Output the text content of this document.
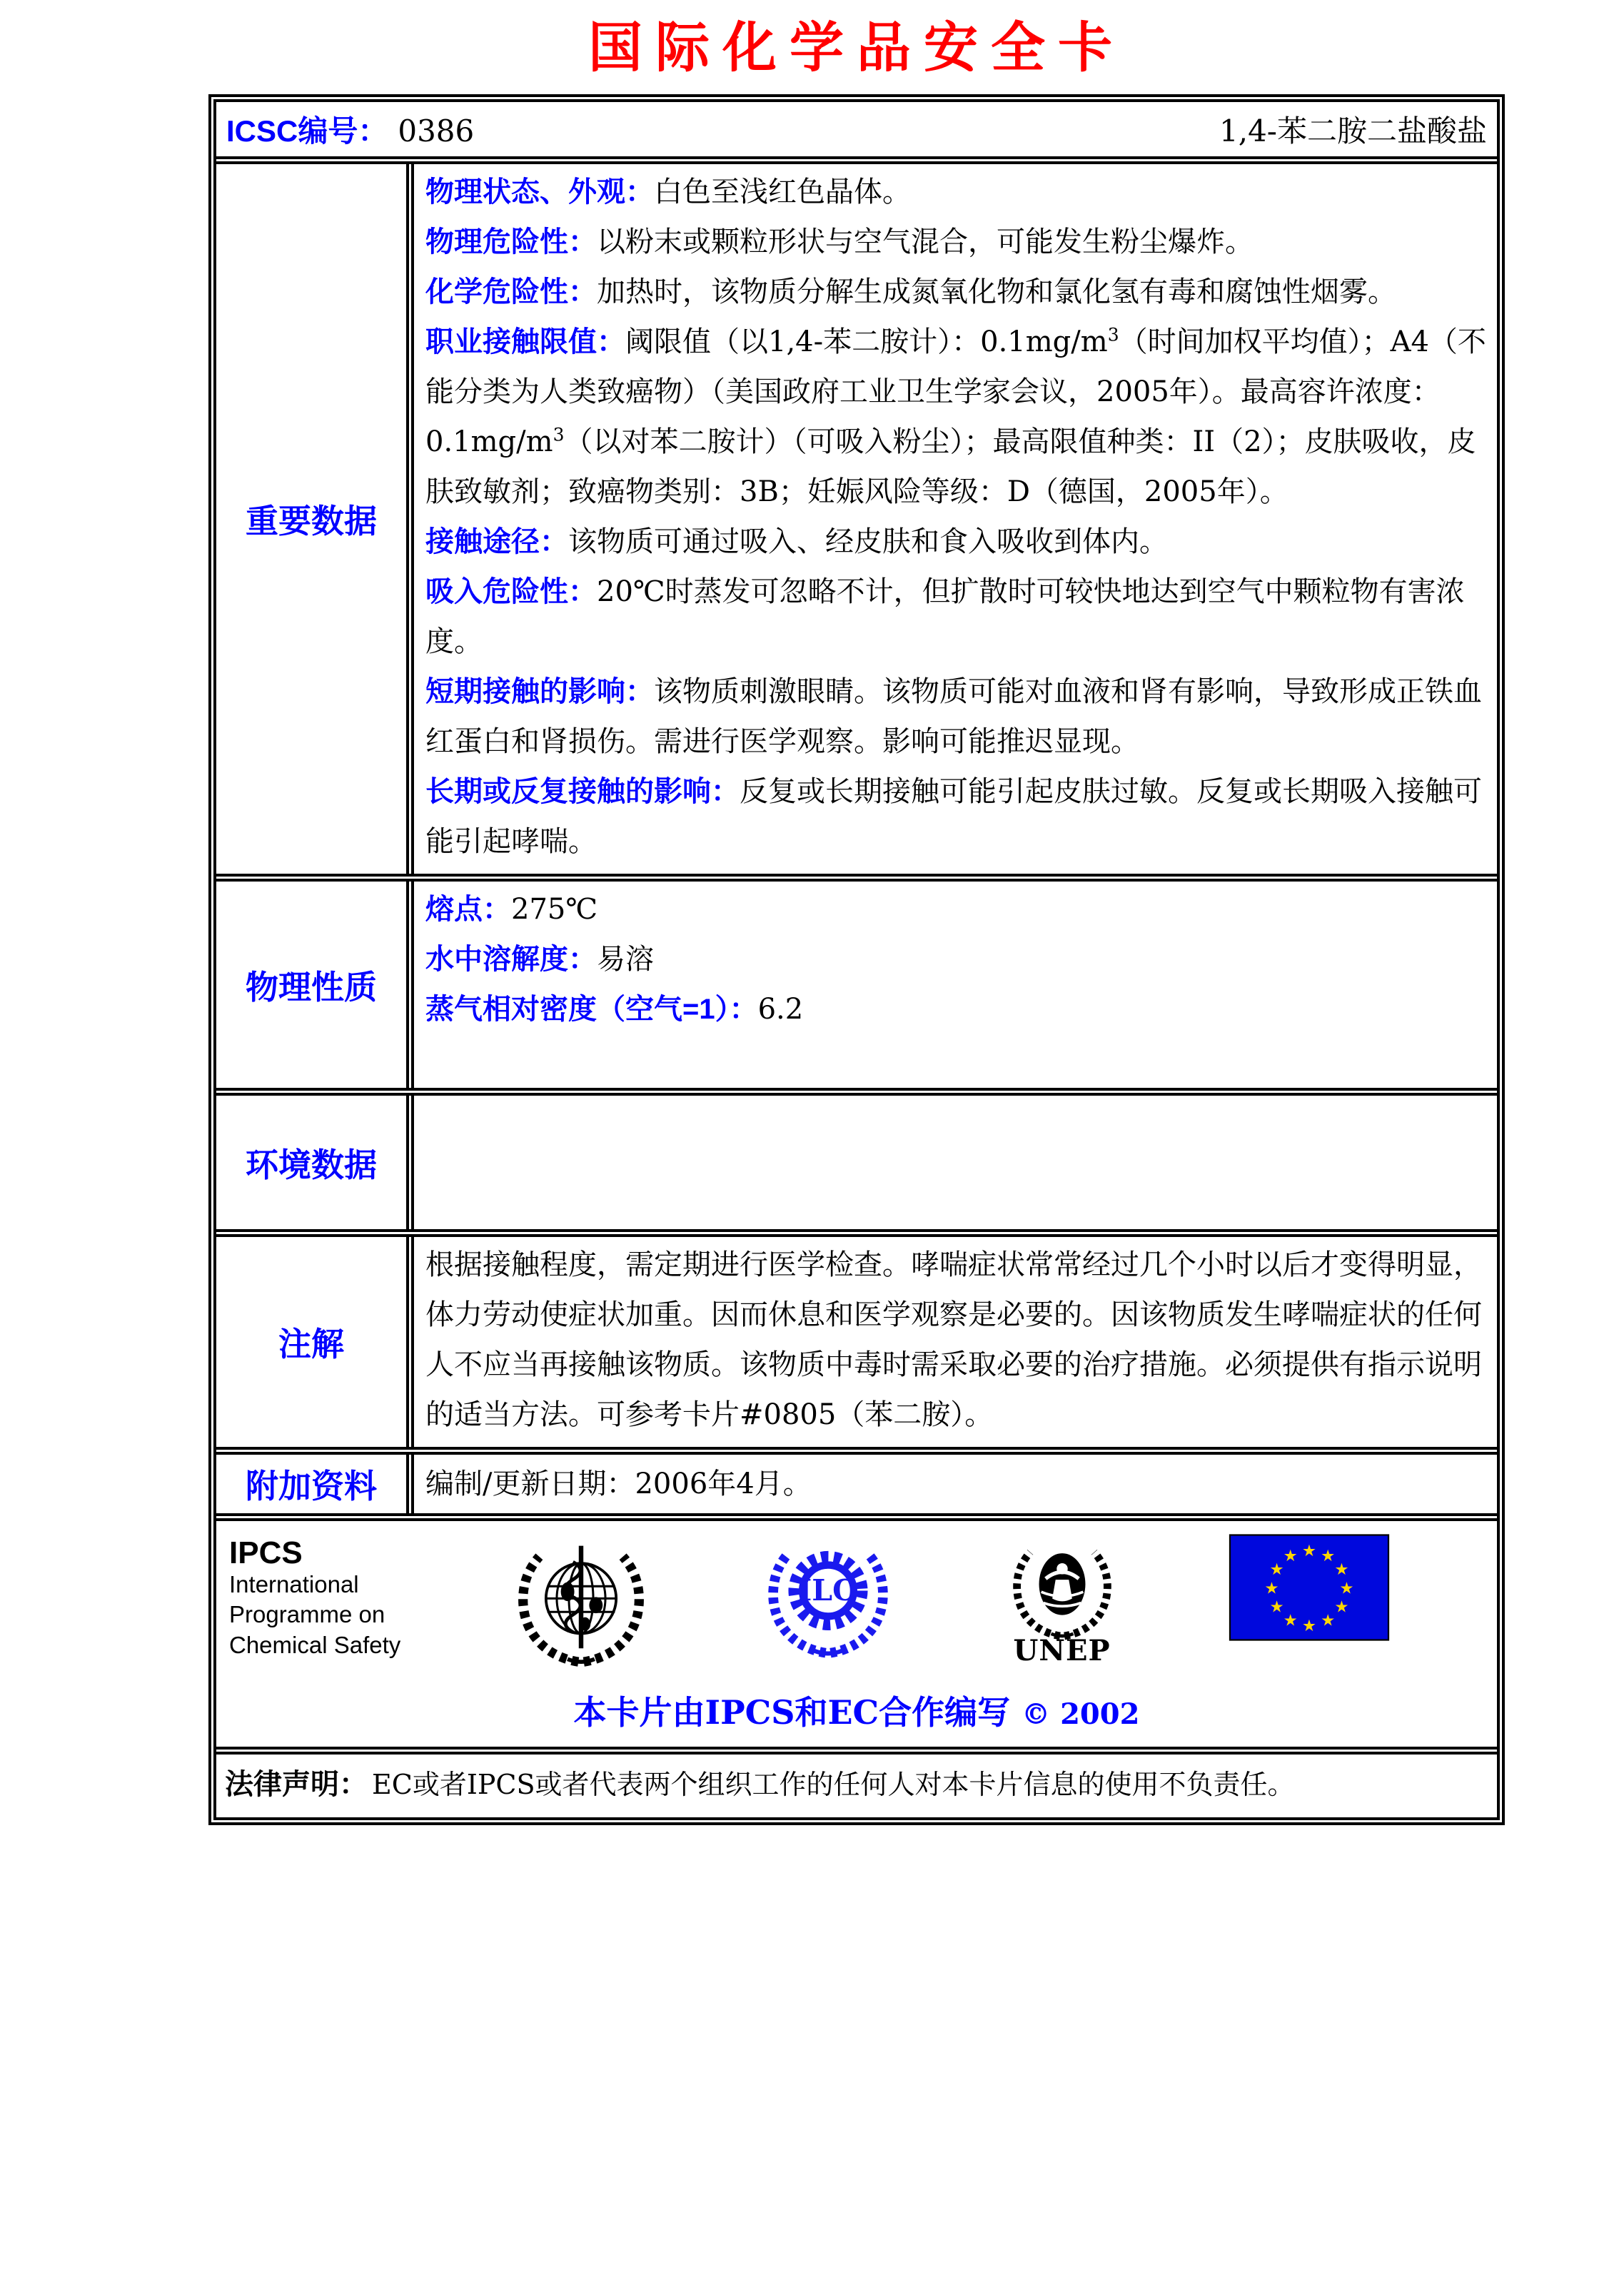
国际化学品安全卡
ICSC编号： 0386	1,4-苯二胺二盐酸盐
重要数据
物理状态、外观：白色至浅红色晶体。
物理危险性：以粉末或颗粒形状与空气混合，可能发生粉尘爆炸。
化学危险性：加热时，该物质分解生成氮氧化物和氯化氢有毒和腐蚀性烟雾。
职业接触限值：阈限值（以1,4-苯二胺计）：$0.1mg/m^3$（时间加权平均值）；A4（不能分类为人类致癌物）（美国政府工业卫生学家会议，2005年）。最高容许浓度：$0.1mg/m^3$（以对苯二胺计）（可吸入粉尘）；最高限值种类：II（2）；皮肤吸收，皮肤致敏剂；致癌物类别：3B；妊娠风险等级：D（德国，2005年）。
接触途径：该物质可通过吸入、经皮肤和食入吸收到体内。
吸入危险性：20℃时蒸发可忽略不计，但扩散时可较快地达到空气中颗粒物有害浓度。
短期接触的影响：该物质刺激眼睛。该物质可能对血液和肾有影响，导致形成正铁血红蛋白和肾损伤。需进行医学观察。影响可能推迟显现。
长期或反复接触的影响：反复或长期接触可能引起皮肤过敏。反复或长期吸入接触可能引起哮喘。
物理性质
熔点：275℃
水中溶解度：易溶
蒸气相对密度（空气=1）：6.2
环境数据
注解
根据接触程度，需定期进行医学检查。哮喘症状常常经过几个小时以后才变得明显，体力劳动使症状加重。因而休息和医学观察是必要的。因该物质发生哮喘症状的任何人不应当再接触该物质。该物质中毒时需采取必要的治疗措施。必须提供有指示说明的适当方法。可参考卡片#0805（苯二胺）。
附加资料	编制/更新日期：2006年4月。
IPCS
International
Programme on
Chemical Safety
ILO
UNEP
★ ★
★
★
★
★
★
★
★
★
★
★
本卡片由IPCS和EC合作编写 © 2002
法律声明： EC或者IPCS或者代表两个组织工作的任何人对本卡片信息的使用不负责任。
